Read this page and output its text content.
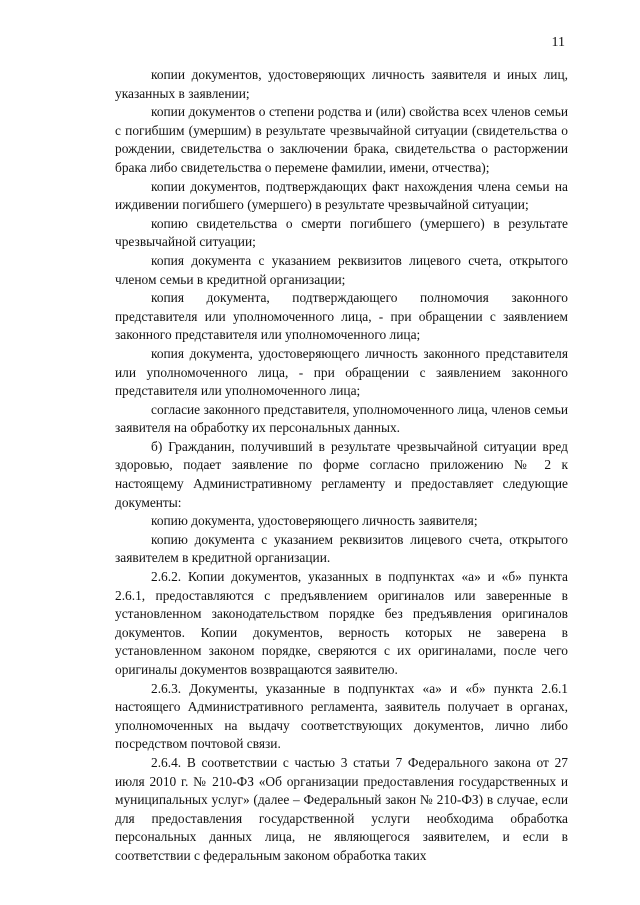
11

копии документов, удостоверяющих личность заявителя и иных лиц, указанных в заявлении;

копии документов о степени родства и (или) свойства всех членов семьи с погибшим (умершим) в результате чрезвычайной ситуации (свидетельства о рождении, свидетельства о заключении брака, свидетельства о расторжении брака либо свидетельства о перемене фамилии, имени, отчества);

копии документов, подтверждающих факт нахождения члена семьи на иждивении погибшего (умершего) в результате чрезвычайной ситуации;

копию свидетельства о смерти погибшего (умершего) в результате чрезвычайной ситуации;

копия документа с указанием реквизитов лицевого счета, открытого членом семьи в кредитной организации;

копия документа, подтверждающего полномочия законного представителя или уполномоченного лица, - при обращении с заявлением законного представителя или уполномоченного лица;

копия документа, удостоверяющего личность законного представителя или уполномоченного лица, - при обращении с заявлением законного представителя или уполномоченного лица;

согласие законного представителя, уполномоченного лица, членов семьи заявителя на обработку их персональных данных.

б) Гражданин, получивший в результате чрезвычайной ситуации вред здоровью, подает заявление по форме согласно приложению № 2 к настоящему Административному регламенту и предоставляет следующие документы:

копию документа, удостоверяющего личность заявителя;

копию документа с указанием реквизитов лицевого счета, открытого заявителем в кредитной организации.

2.6.2. Копии документов, указанных в подпунктах «а» и «б» пункта 2.6.1, предоставляются с предъявлением оригиналов или заверенные в установленном законодательством порядке без предъявления оригиналов документов. Копии документов, верность которых не заверена в установленном законом порядке, сверяются с их оригиналами, после чего оригиналы документов возвращаются заявителю.

2.6.3. Документы, указанные в подпунктах «а» и «б» пункта 2.6.1 настоящего Административного регламента, заявитель получает в органах, уполномоченных на выдачу соответствующих документов, лично либо посредством почтовой связи.

2.6.4. В соответствии с частью 3 статьи 7 Федерального закона от 27 июля 2010 г. № 210-ФЗ «Об организации предоставления государственных и муниципальных услуг» (далее – Федеральный закон № 210-ФЗ) в случае, если для предоставления государственной услуги необходима обработка персональных данных лица, не являющегося заявителем, и если в соответствии с федеральным законом обработка таких
